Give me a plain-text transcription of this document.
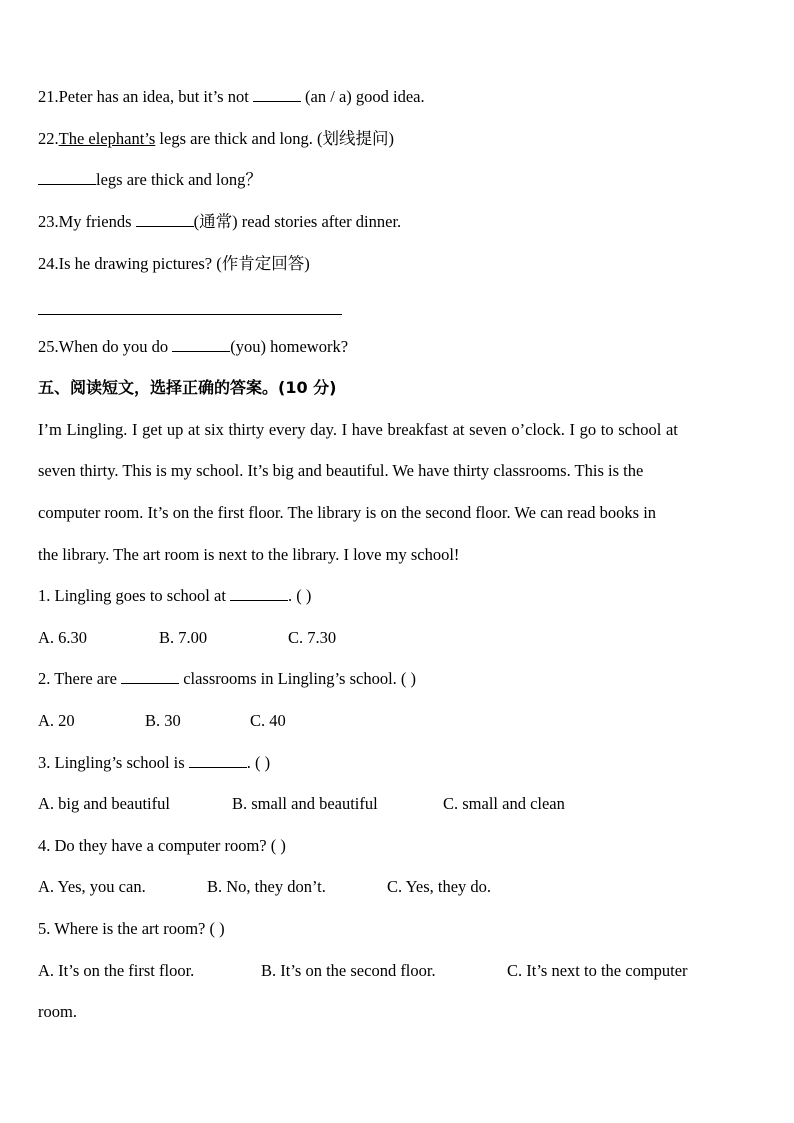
21.Peter has an idea, but it’s not	(an / a) good idea.
22.The elephant’s legs are thick and long. (划线提问)
legs are thick and long？
23.My friends	(通常) read stories after dinner.
24.Is he drawing pictures? (作肯定回答)
25.When do you do	(you) homework?
五、阅读短文，选择正确的答案。(10 分)
I’m Lingling. I get up at six thirty every day. I have breakfast at seven o’clock. I go to school at
seven thirty. This is my school. It’s big and beautiful. We have thirty classrooms. This is the
computer room. It’s on the first floor. The library is on the second floor. We can read books in
the library. The art room is next to the library. I love my school!
1. Lingling goes to school at	. ( )
A. 6.30	B. 7.00	C. 7.30
2. There are	classrooms in Lingling’s school. ( )
A. 20	B. 30	C. 40
3. Lingling’s school is	. ( )
A. big and beautiful	B. small and beautiful	C. small and clean
4. Do they have a computer room? ( )
A. Yes, you can.	B. No, they don’t.	C. Yes, they do.
5. Where is the art room? ( )
A. It’s on the first floor.	B. It’s on the second floor.	C. It’s next to the computer
room.
